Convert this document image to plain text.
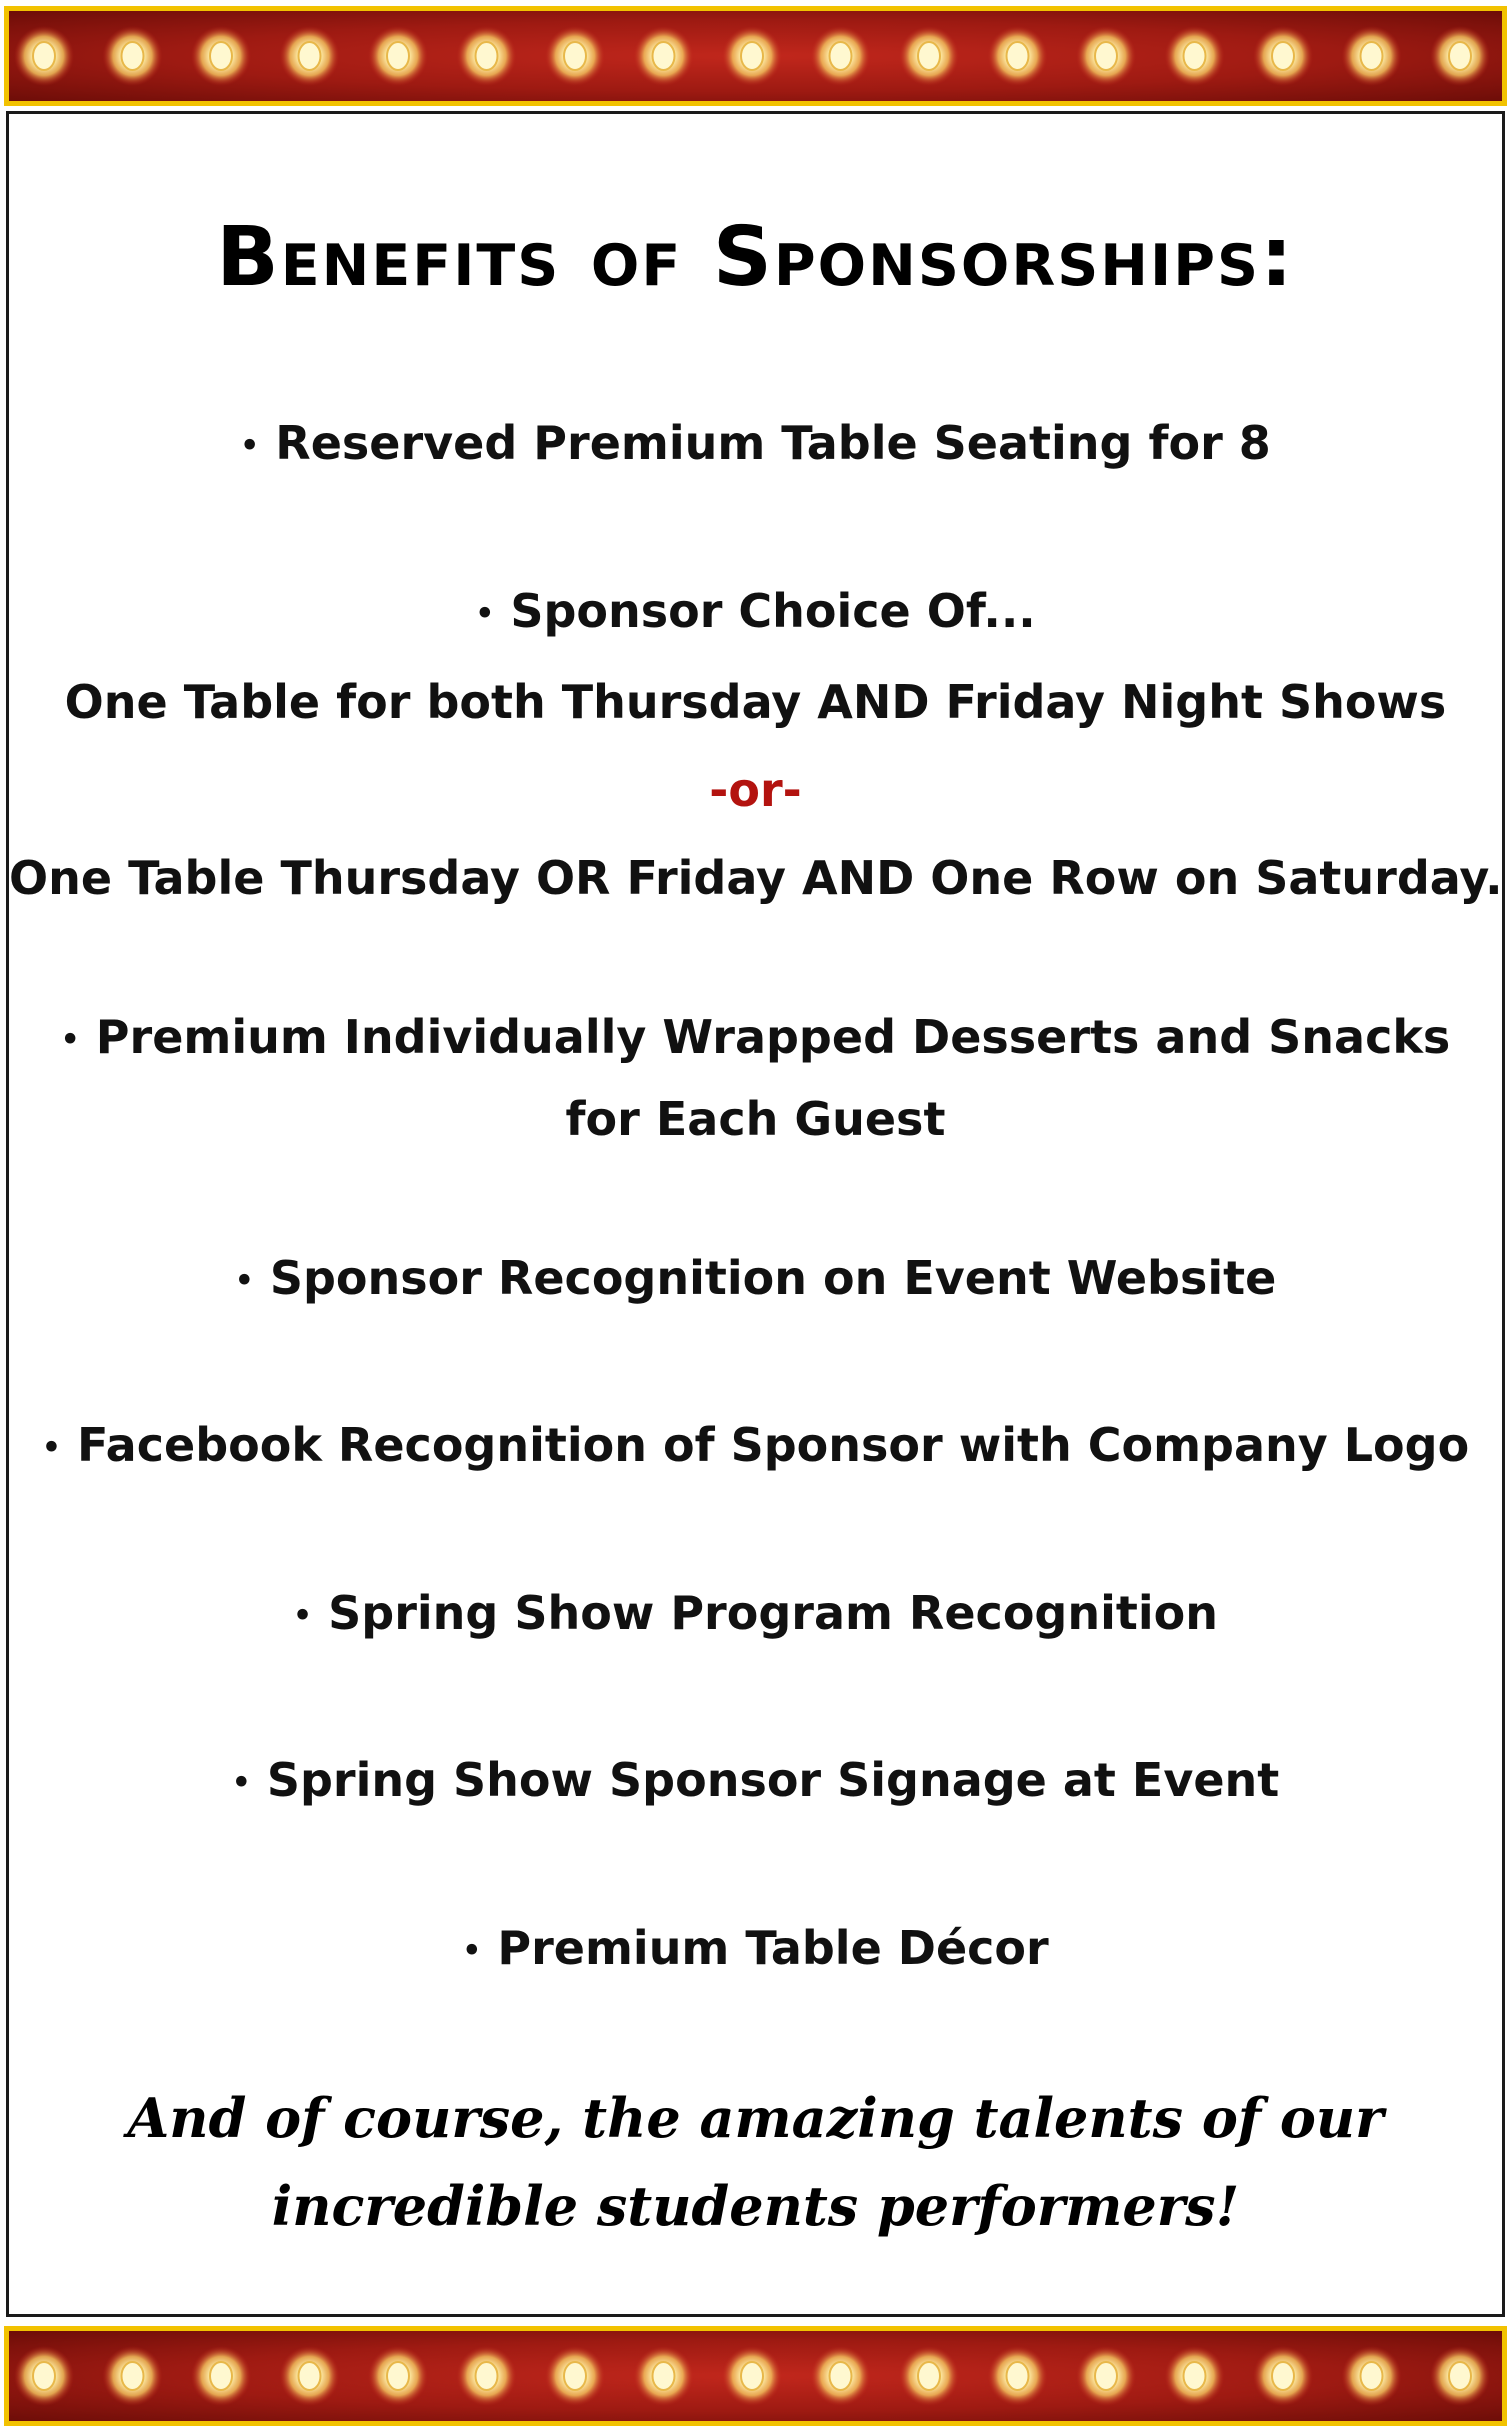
Benefits of Sponsorships:
• Reserved Premium Table Seating for 8
• Sponsor Choice Of...
One Table for both Thursday AND Friday Night Shows
-or-
One Table Thursday OR Friday AND One Row on Saturday.
• Premium Individually Wrapped Desserts and Snacks for Each Guest
• Sponsor Recognition on Event Website
• Facebook Recognition of Sponsor with Company Logo
• Spring Show Program Recognition
• Spring Show Sponsor Signage at Event
• Premium Table Décor
And of course, the amazing talents of our
incredible students performers!
